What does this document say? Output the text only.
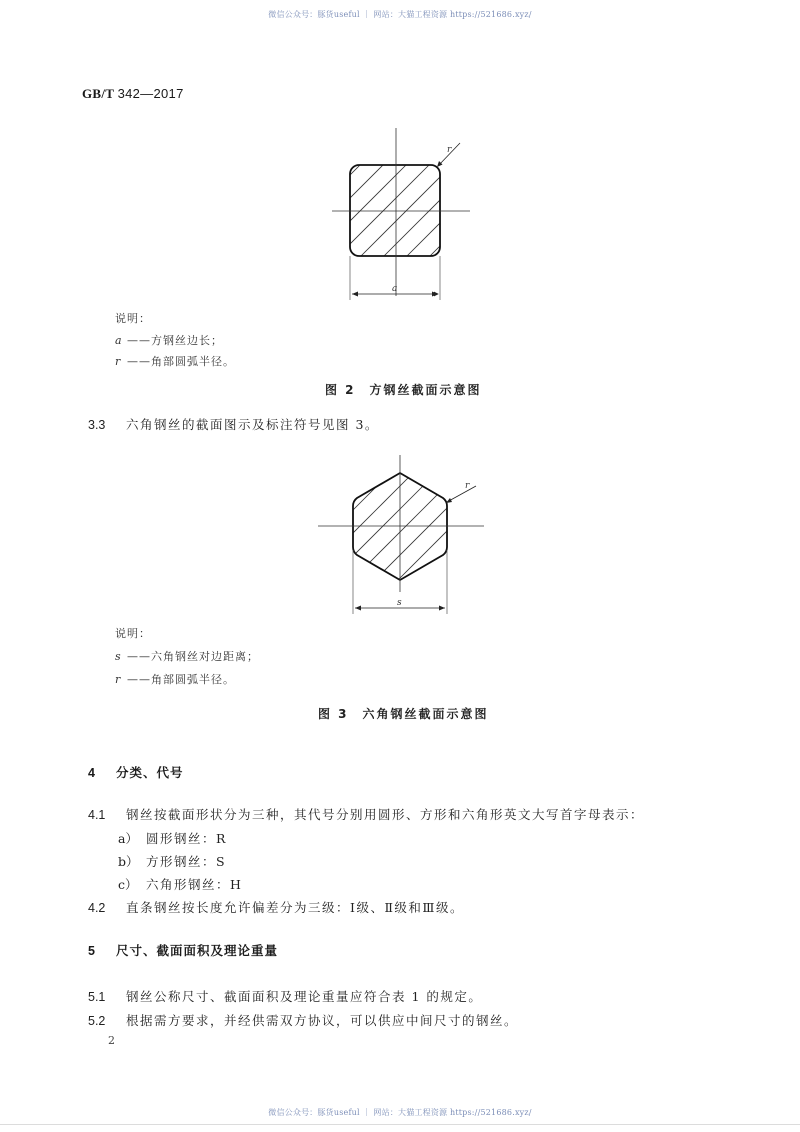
微信公众号：豚货useful ｜ 网站：大猫工程资源 https://521686.xyz/
GB/T 342—2017
r
a
r
s
说明：
a ——方钢丝边长；
r ——角部圆弧半径。
图 2　方钢丝截面示意图
3.3 六角钢丝的截面图示及标注符号见图 3。
说明：
s ——六角钢丝对边距离；
r ——角部圆弧半径。
图 3　六角钢丝截面示意图
4 分类、代号
4.1 钢丝按截面形状分为三种，其代号分别用圆形、方形和六角形英文大写首字母表示：
a） 圆形钢丝：R
b） 方形钢丝：S
c） 六角形钢丝：H
4.2 直条钢丝按长度允许偏差分为三级：Ⅰ级、Ⅱ级和Ⅲ级。
5 尺寸、截面面积及理论重量
5.1 钢丝公称尺寸、截面面积及理论重量应符合表 1 的规定。
5.2 根据需方要求，并经供需双方协议，可以供应中间尺寸的钢丝。
2
微信公众号：豚货useful ｜ 网站：大猫工程资源 https://521686.xyz/
